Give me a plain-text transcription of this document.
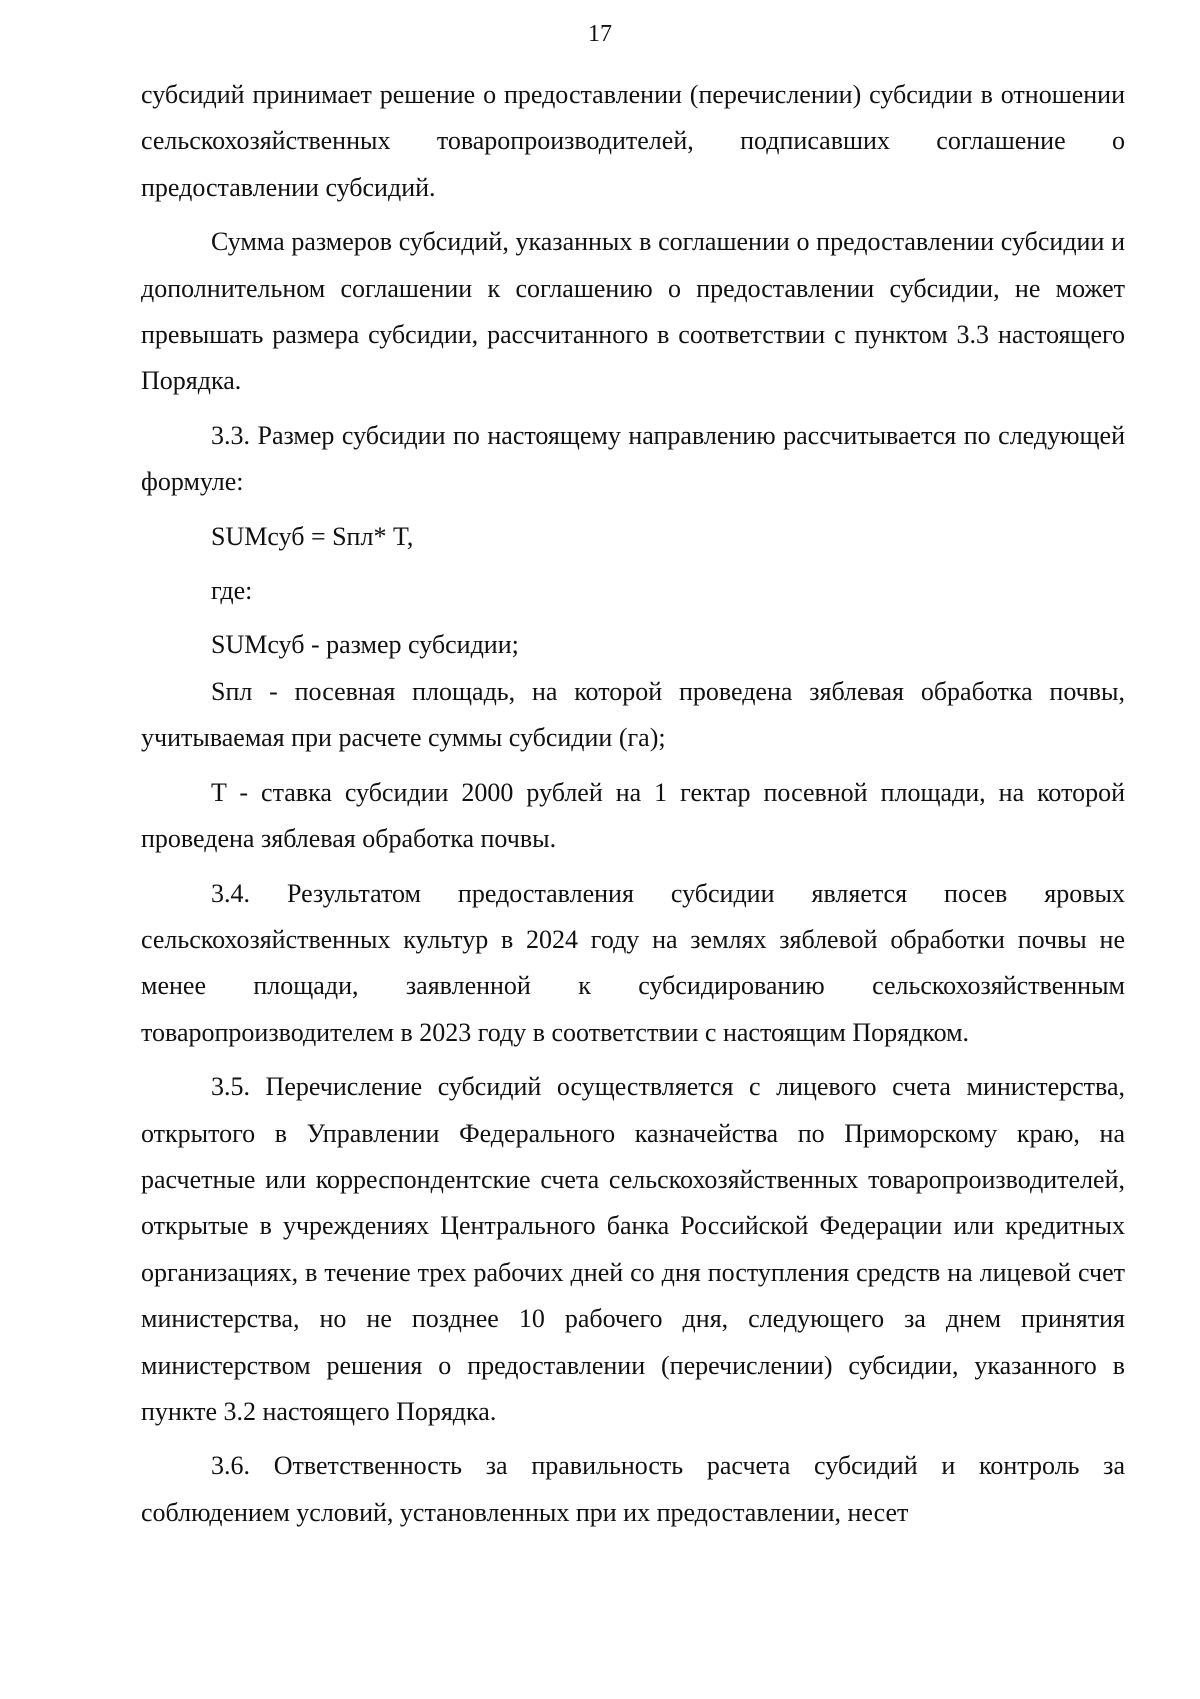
17

субсидий принимает решение о предоставлении (перечислении) субсидии в отношении сельскохозяйственных товаропроизводителей, подписавших соглашение о предоставлении субсидий.

Сумма размеров субсидий, указанных в соглашении о предоставлении субсидии и дополнительном соглашении к соглашению о предоставлении субсидии, не может превышать размера субсидии, рассчитанного в соответствии с пунктом 3.3 настоящего Порядка.

3.3. Размер субсидии по настоящему направлению рассчитывается по следующей формуле:

SUMсуб = Sпл* T,

где:

SUMсуб - размер субсидии;

Sпл - посевная площадь, на которой проведена зяблевая обработка почвы, учитываемая при расчете суммы субсидии (га);

T - ставка субсидии 2000 рублей на 1 гектар посевной площади, на которой проведена зяблевая обработка почвы.

3.4. Результатом предоставления субсидии является посев яровых сельскохозяйственных культур в 2024 году на землях зяблевой обработки почвы не менее площади, заявленной к субсидированию сельскохозяйственным товаропроизводителем в 2023 году в соответствии с настоящим Порядком.

3.5. Перечисление субсидий осуществляется с лицевого счета министерства, открытого в Управлении Федерального казначейства по Приморскому краю, на расчетные или корреспондентские счета сельскохозяйственных товаропроизводителей, открытые в учреждениях Центрального банка Российской Федерации или кредитных организациях, в течение трех рабочих дней со дня поступления средств на лицевой счет министерства, но не позднее 10 рабочего дня, следующего за днем принятия министерством решения о предоставлении (перечислении) субсидии, указанного в пункте 3.2 настоящего Порядка.

3.6. Ответственность за правильность расчета субсидий и контроль за соблюдением условий, установленных при их предоставлении, несет
